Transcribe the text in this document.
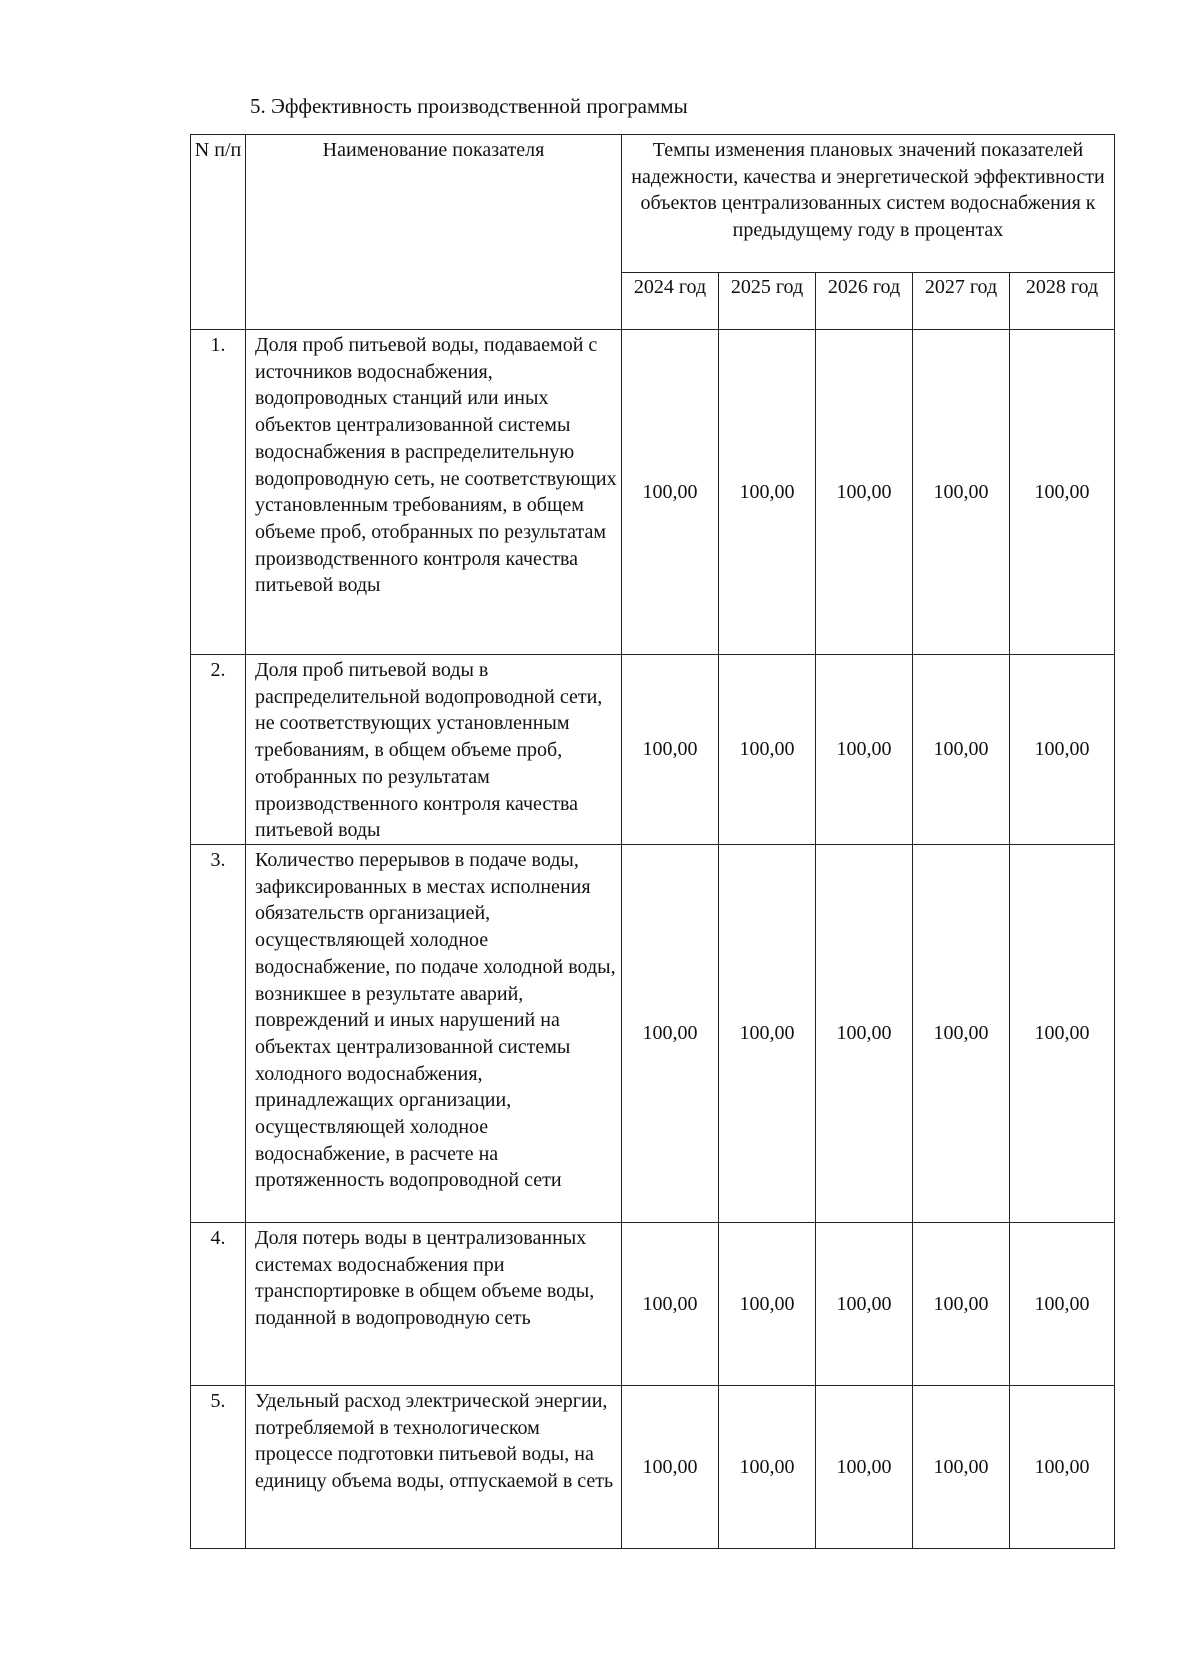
5. Эффективность производственной программы
N п/п	Наименование показателя	Темпы изменения плановых значений показателей надежности, качества и энергетической эффективности объектов централизованных систем водоснабжения к предыдущему году в процентах				
		2024 год	2025 год	2026 год	2027 год	2028 год
1.	Доля проб питьевой воды, подаваемой с источников водоснабжения, водопроводных станций или иных объектов централизованной системы водоснабжения в распределительную водопроводную сеть, не соответствующих установленным требованиям, в общем объеме проб, отобранных по результатам производственного контроля качества питьевой воды	100,00	100,00	100,00	100,00	100,00
2.	Доля проб питьевой воды в распределительной водопроводной сети, не соответствующих установленным требованиям, в общем объеме проб, отобранных по результатам производственного контроля качества питьевой воды	100,00	100,00	100,00	100,00	100,00
3.	Количество перерывов в подаче воды, зафиксированных в местах исполнения обязательств организацией, осуществляющей холодное водоснабжение, по подаче холодной воды, возникшее в результате аварий, повреждений и иных нарушений на объектах централизованной системы холодного водоснабжения, принадлежащих организации, осуществляющей холодное водоснабжение, в расчете на протяженность водопроводной сети	100,00	100,00	100,00	100,00	100,00
4.	Доля потерь воды в централизованных системах водоснабжения при транспортировке в общем объеме воды, поданной в водопроводную сеть	100,00	100,00	100,00	100,00	100,00
5.	Удельный расход электрической энергии, потребляемой в технологическом процессе подготовки питьевой воды, на единицу объема воды, отпускаемой в сеть	100,00	100,00	100,00	100,00	100,00
